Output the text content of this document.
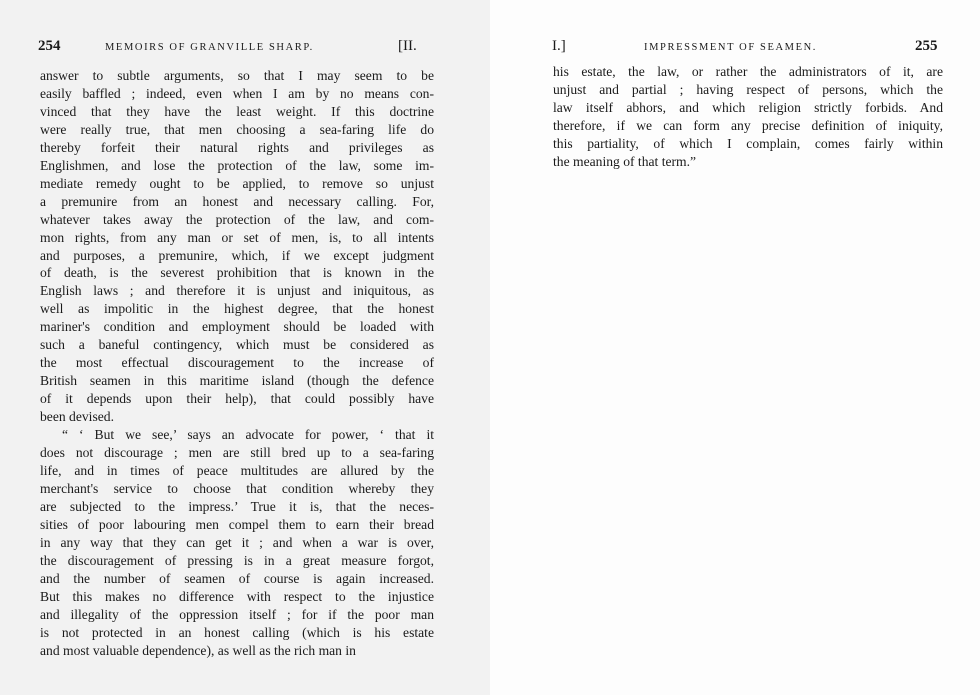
254	MEMOIRS OF GRANVILLE SHARP.	[II.
answer to subtle arguments, so that I may seem to be
easily baffled ; indeed, even when I am by no means con-
vinced that they have the least weight. If this doctrine
were really true, that men choosing a sea-faring life do
thereby forfeit their natural rights and privileges as
Englishmen, and lose the protection of the law, some im-
mediate remedy ought to be applied, to remove so unjust
a premunire from an honest and necessary calling. For,
whatever takes away the protection of the law, and com-
mon rights, from any man or set of men, is, to all intents
and purposes, a premunire, which, if we except judgment
of death, is the severest prohibition that is known in the
English laws ; and therefore it is unjust and iniquitous, as
well as impolitic in the highest degree, that the honest
mariner's condition and employment should be loaded with
such a baneful contingency, which must be considered as
the most effectual discouragement to the increase of
British seamen in this maritime island (though the defence
of it depends upon their help), that could possibly have
been devised.
“ ‘ But we see,’ says an advocate for power, ‘ that it
does not discourage ; men are still bred up to a sea-faring
life, and in times of peace multitudes are allured by the
merchant's service to choose that condition whereby they
are subjected to the impress.’ True it is, that the neces-
sities of poor labouring men compel them to earn their bread
in any way that they can get it ; and when a war is over,
the discouragement of pressing is in a great measure forgot,
and the number of seamen of course is again increased.
But this makes no difference with respect to the injustice
and illegality of the oppression itself ; for if the poor man
is not protected in an honest calling (which is his estate
and most valuable dependence), as well as the rich man in
I.]	IMPRESSMENT OF SEAMEN.	255
his estate, the law, or rather the administrators of it, are
unjust and partial ; having respect of persons, which the
law itself abhors, and which religion strictly forbids. And
therefore, if we can form any precise definition of iniquity,
this partiality, of which I complain, comes fairly within
the meaning of that term.”
